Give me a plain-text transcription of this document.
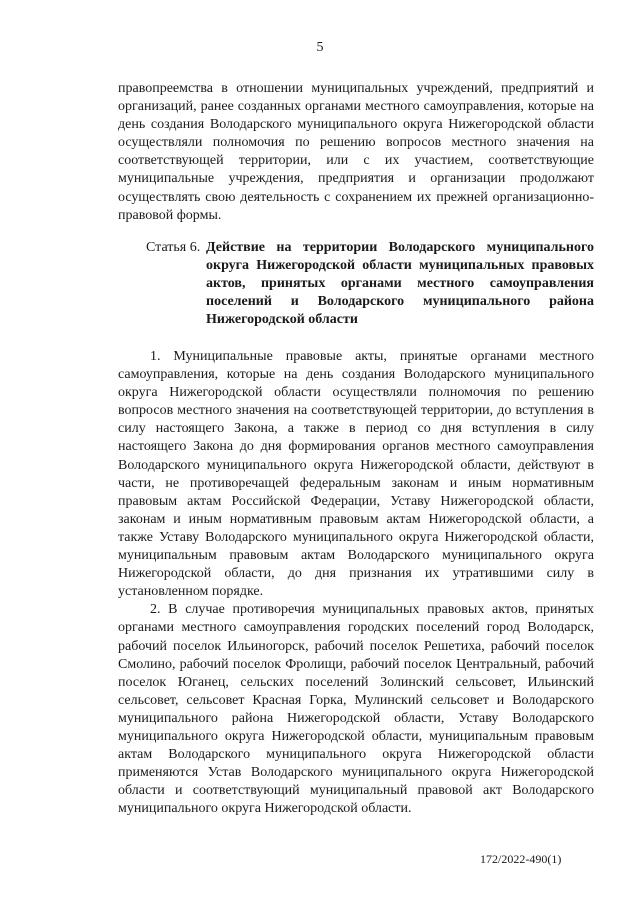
5

правопреемства в отношении муниципальных учреждений, предприятий и организаций, ранее созданных органами местного самоуправления, которые на день создания Володарского муниципального округа Нижегородской области осуществляли полномочия по решению вопросов местного значения на соответствующей территории, или с их участием, соответствующие муниципальные учреждения, предприятия и организации продолжают осуществлять свою деятельность с сохранением их прежней организационно-правовой формы.

Статья 6. Действие на территории Володарского муниципального округа Нижегородской области муниципальных правовых актов, принятых органами местного самоуправления поселений и Володарского муниципального района Нижегородской области

1. Муниципальные правовые акты, принятые органами местного самоуправления, которые на день создания Володарского муниципального округа Нижегородской области осуществляли полномочия по решению вопросов местного значения на соответствующей территории, до вступления в силу настоящего Закона, а также в период со дня вступления в силу настоящего Закона до дня формирования органов местного самоуправления Володарского муниципального округа Нижегородской области, действуют в части, не противоречащей федеральным законам и иным нормативным правовым актам Российской Федерации, Уставу Нижегородской области, законам и иным нормативным правовым актам Нижегородской области, а также Уставу Володарского муниципального округа Нижегородской области, муниципальным правовым актам Володарского муниципального округа Нижегородской области, до дня признания их утратившими силу в установленном порядке.

2. В случае противоречия муниципальных правовых актов, принятых органами местного самоуправления городских поселений город Володарск, рабочий поселок Ильиногорск, рабочий поселок Решетиха, рабочий поселок Смолино, рабочий поселок Фролищи, рабочий поселок Центральный, рабочий поселок Юганец, сельских поселений Золинский сельсовет, Ильинский сельсовет, сельсовет Красная Горка, Мулинский сельсовет и Володарского муниципального района Нижегородской области, Уставу Володарского муниципального округа Нижегородской области, муниципальным правовым актам Володарского муниципального округа Нижегородской области применяются Устав Володарского муниципального округа Нижегородской области и соответствующий муниципальный правовой акт Володарского муниципального округа Нижегородской области.

172/2022-490(1)
